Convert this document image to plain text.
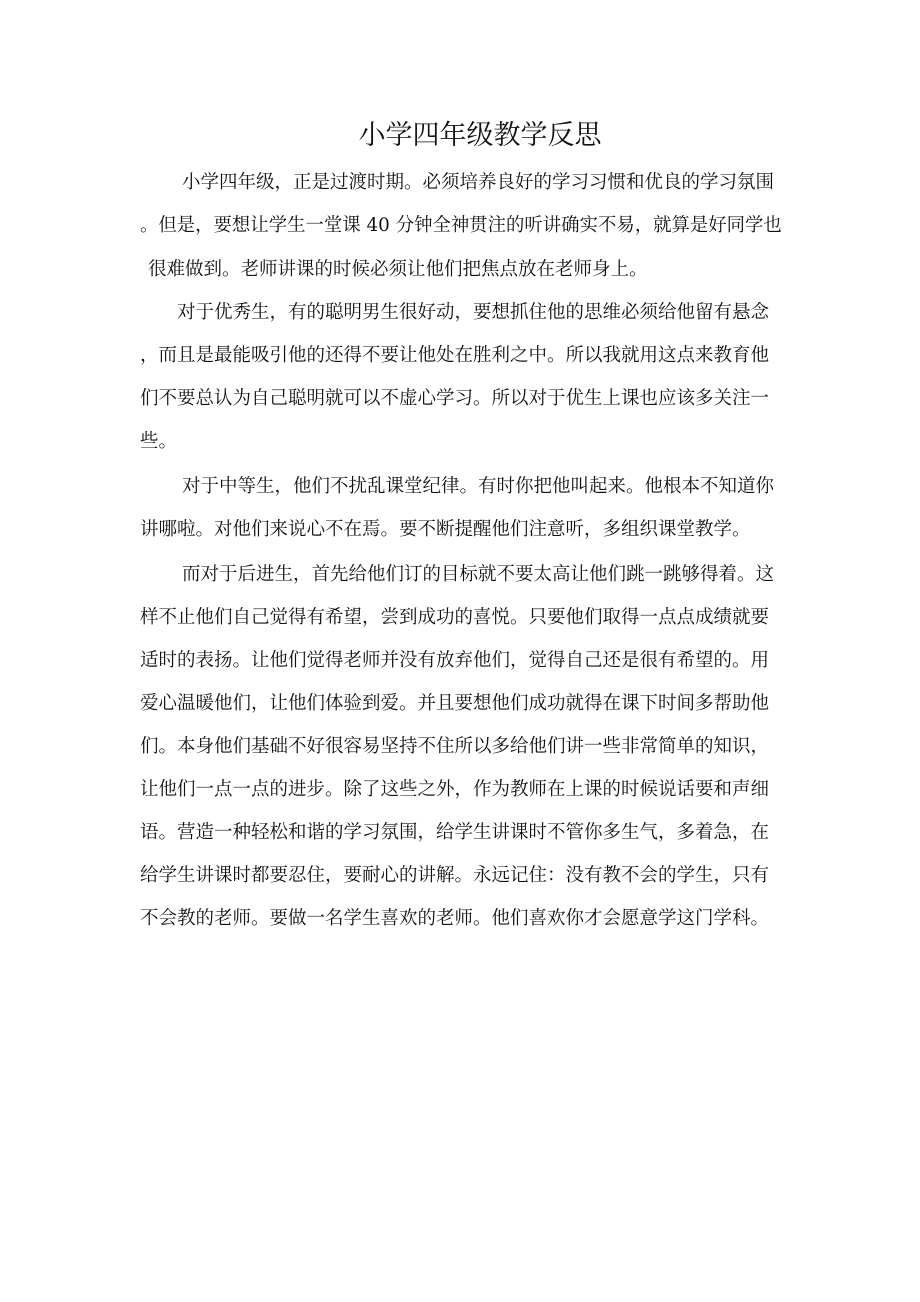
小学四年级教学反思

小学四年级，正是过渡时期。必须培养良好的学习习惯和优良的学习氛围

。但是，要想让学生一堂课 40 分钟全神贯注的听讲确实不易，就算是好同学也

很难做到。老师讲课的时候必须让他们把焦点放在老师身上。

对于优秀生，有的聪明男生很好动，要想抓住他的思维必须给他留有悬念

，而且是最能吸引他的还得不要让他处在胜利之中。所以我就用这点来教育他

们不要总认为自己聪明就可以不虚心学习。所以对于优生上课也应该多关注一

些。

对于中等生，他们不扰乱课堂纪律。有时你把他叫起来。他根本不知道你

讲哪啦。对他们来说心不在焉。要不断提醒他们注意听，多组织课堂教学。

而对于后进生，首先给他们订的目标就不要太高让他们跳一跳够得着。这

样不止他们自己觉得有希望，尝到成功的喜悦。只要他们取得一点点成绩就要

适时的表扬。让他们觉得老师并没有放弃他们，觉得自己还是很有希望的。用

爱心温暖他们，让他们体验到爱。并且要想他们成功就得在课下时间多帮助他

们。本身他们基础不好很容易坚持不住所以多给他们讲一些非常简单的知识，

让他们一点一点的进步。除了这些之外，作为教师在上课的时候说话要和声细

语。营造一种轻松和谐的学习氛围，给学生讲课时不管你多生气，多着急，在

给学生讲课时都要忍住，要耐心的讲解。永远记住：没有教不会的学生，只有

不会教的老师。要做一名学生喜欢的老师。他们喜欢你才会愿意学这门学科。
